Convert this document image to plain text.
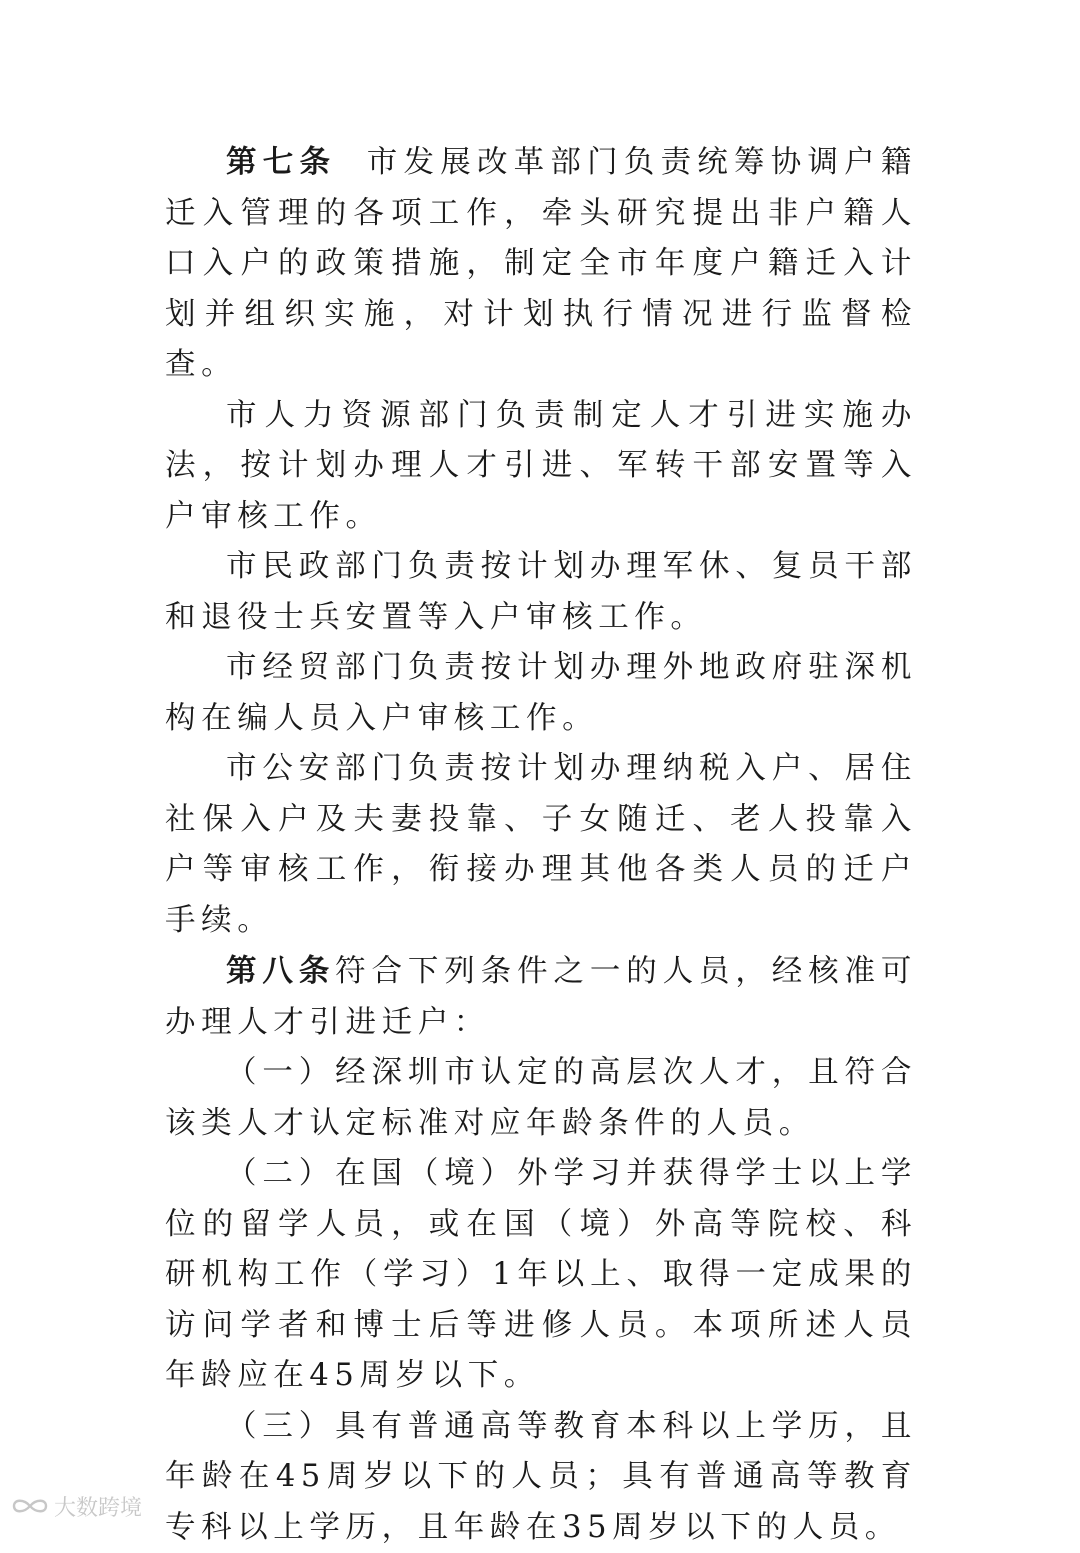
第七条 市发展改革部门负责统筹协调户籍迁入管理的各项工作，牵头研究提出非户籍人口入户的政策措施，制定全市年度户籍迁入计划并组织实施，对计划执行情况进行监督检查。

市人力资源部门负责制定人才引进实施办法，按计划办理人才引进、军转干部安置等入户审核工作。

市民政部门负责按计划办理军休、复员干部和退役士兵安置等入户审核工作。

市经贸部门负责按计划办理外地政府驻深机构在编人员入户审核工作。

市公安部门负责按计划办理纳税入户、居住社保入户及夫妻投靠、子女随迁、老人投靠入户等审核工作，衔接办理其他各类人员的迁户手续。

第八条符合下列条件之一的人员，经核准可办理人才引进迁户：

（一）经深圳市认定的高层次人才，且符合该类人才认定标准对应年龄条件的人员。

（二）在国（境）外学习并获得学士以上学位的留学人员，或在国（境）外高等院校、科研机构工作（学习）1年以上、取得一定成果的访问学者和博士后等进修人员。本项所述人员年龄应在45周岁以下。

（三）具有普通高等教育本科以上学历，且年龄在45周岁以下的人员；具有普通高等教育专科以上学历，且年龄在35周岁以下的人员。

大数跨境
